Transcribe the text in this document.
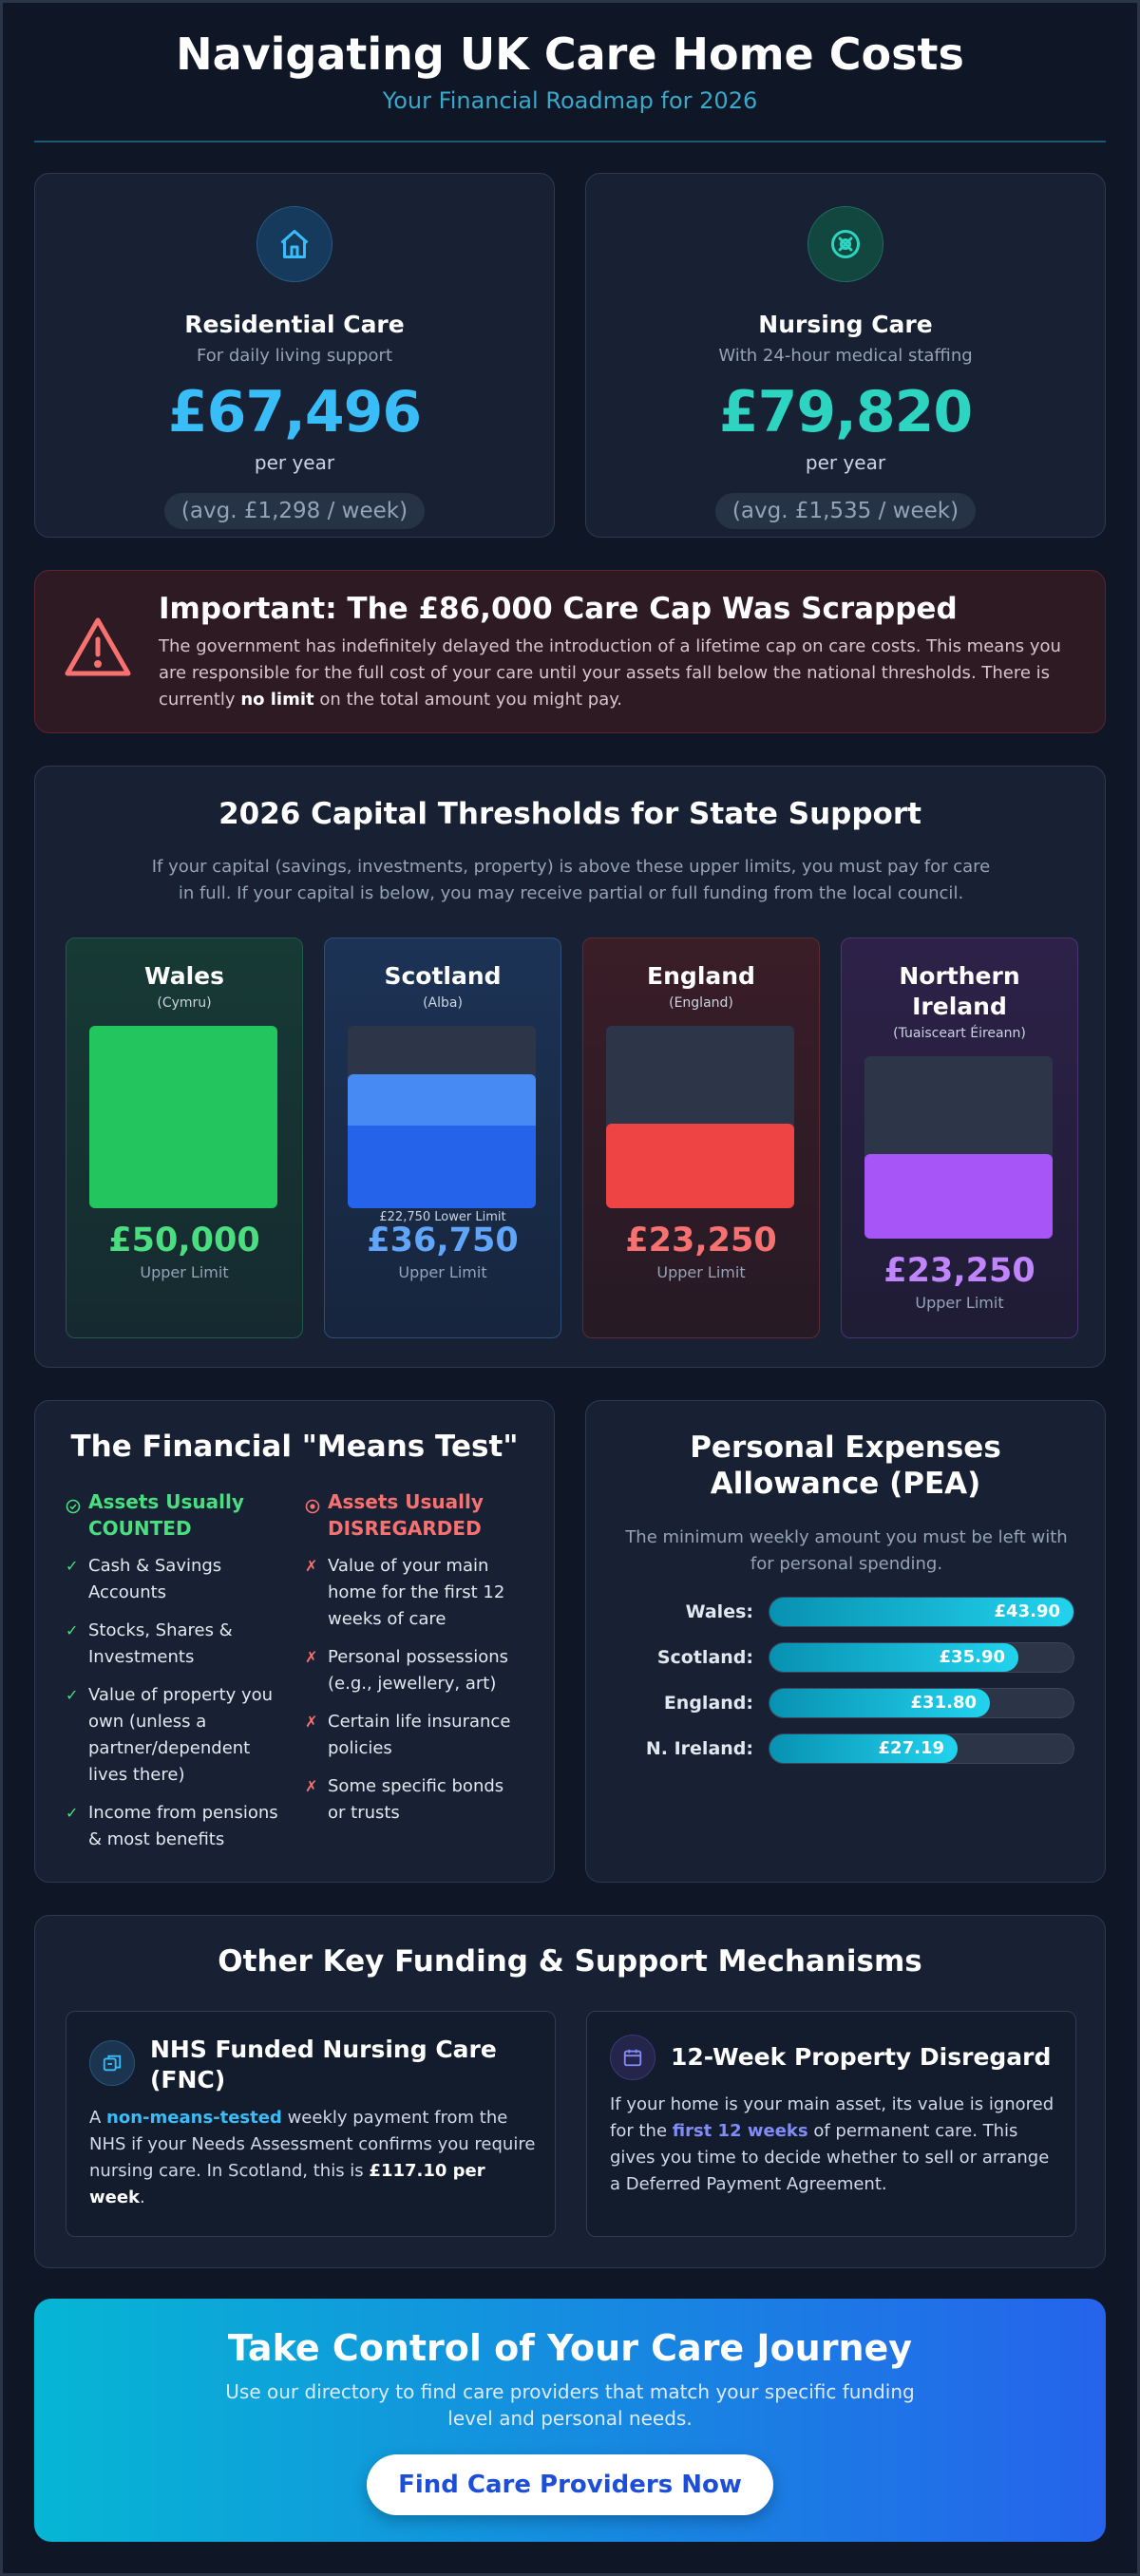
Navigating UK Care Home Costs
Your Financial Roadmap for 2026
Residential Care
For daily living support
£67,496
per year
(avg. £1,298 / week)
Nursing Care
With 24-hour medical staffing
£79,820
per year
(avg. £1,535 / week)
Important: The £86,000 Care Cap Was Scrapped

The government has indefinitely delayed the introduction of a lifetime cap on care costs. This means you are responsible for the full cost of your care until your assets fall below the national thresholds. There is currently no limit on the total amount you might pay.

2026 Capital Thresholds for State Support
If your capital (savings, investments, property) is above these upper limits, you must pay for care in full. If your capital is below, you may receive partial or full funding from the local council.
Wales
(Cymru)
£50,000
Upper Limit
Scotland
(Alba)
£22,750 Lower Limit
£36,750
Upper Limit
England
(England)
£23,250
Upper Limit
Northern Ireland
(Tuaisceart Éireann)
£23,250
Upper Limit
The Financial "Means Test"
Assets Usually COUNTED
✓ Cash & Savings Accounts
✓ Stocks, Shares & Investments
✓ Value of property you own (unless a partner/dependent lives there)
✓ Income from pensions & most benefits
Assets Usually DISREGARDED
✗ Value of your main home for the first 12 weeks of care
✗ Personal possessions (e.g., jewellery, art)
✗ Certain life insurance policies
✗ Some specific bonds or trusts
Personal Expenses Allowance (PEA)
The minimum weekly amount you must be left with for personal spending.
Wales:	£43.90
Scotland:	£35.90
England:	£31.80
N. Ireland:	£27.19
Other Key Funding & Support Mechanisms
NHS Funded Nursing Care (FNC)

A non-means-tested weekly payment from the NHS if your Needs Assessment confirms you require nursing care. In Scotland, this is £117.10 per week.

12-Week Property Disregard

If your home is your main asset, its value is ignored for the first 12 weeks of permanent care. This gives you time to decide whether to sell or arrange a Deferred Payment Agreement.

Take Control of Your Care Journey

Use our directory to find care providers that match your specific funding level and personal needs.

Find Care Providers Now
